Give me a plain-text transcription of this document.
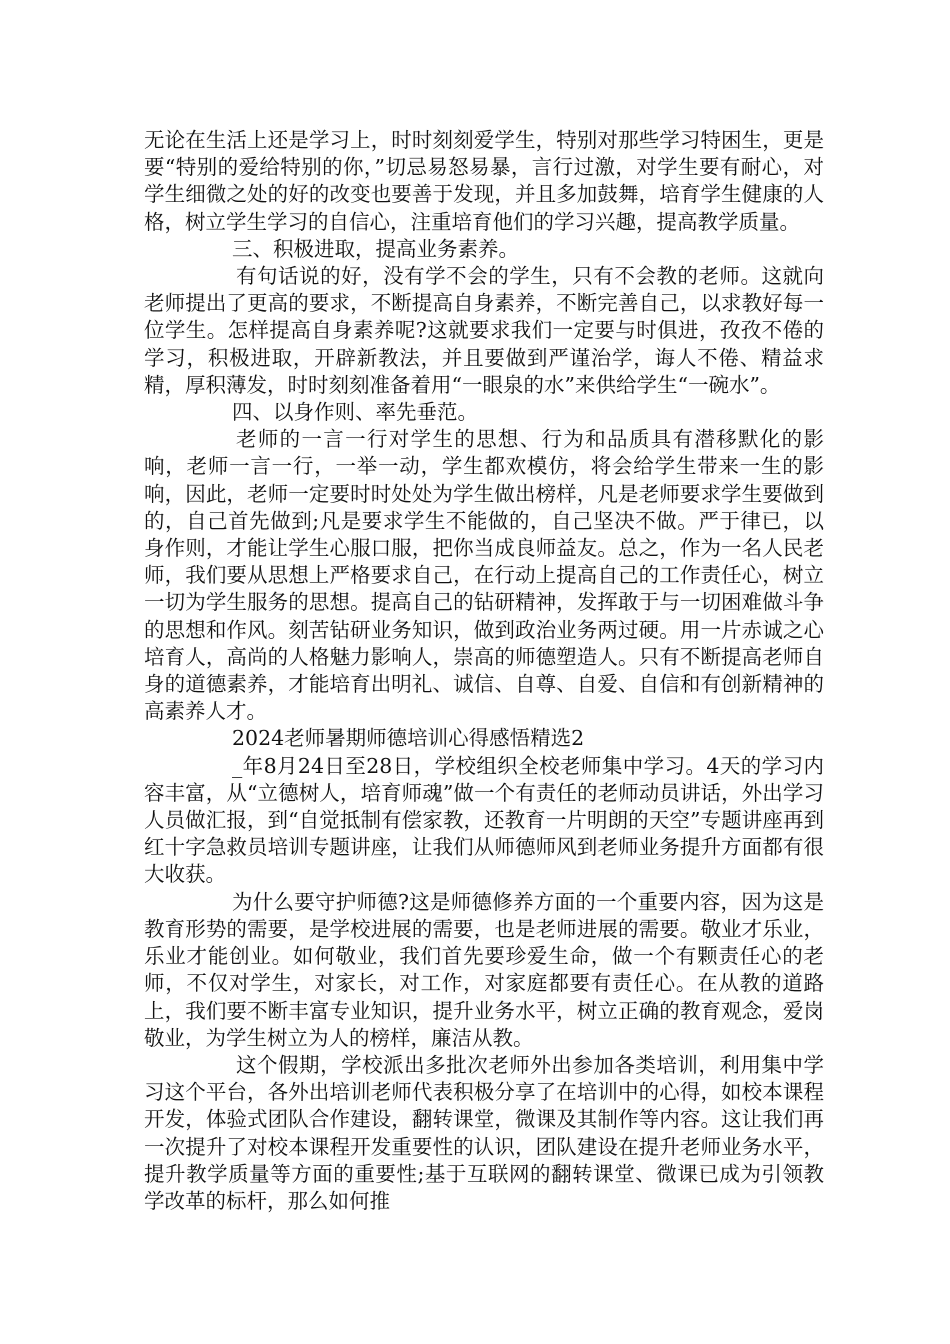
无论在生活上还是学习上，时时刻刻爱学生，特别对那些学习特困生，更是要“特别的爱给特别的你，”切忌易怒易暴，言行过激，对学生要有耐心，对学生细微之处的好的改变也要善于发现，并且多加鼓舞，培育学生健康的人格，树立学生学习的自信心，注重培育他们的学习兴趣，提高教学质量。

三、积极进取，提高业务素养。

有句话说的好，没有学不会的学生，只有不会教的老师。这就向老师提出了更高的要求，不断提高自身素养，不断完善自己，以求教好每一位学生。怎样提高自身素养呢?这就要求我们一定要与时俱进，孜孜不倦的学习，积极进取，开辟新教法，并且要做到严谨治学，诲人不倦、精益求精，厚积薄发，时时刻刻准备着用“一眼泉的水”来供给学生“一碗水”。

四、以身作则、率先垂范。

老师的一言一行对学生的思想、行为和品质具有潜移默化的影响，老师一言一行，一举一动，学生都欢模仿，将会给学生带来一生的影响，因此，老师一定要时时处处为学生做出榜样，凡是老师要求学生要做到的，自己首先做到;凡是要求学生不能做的，自己坚决不做。严于律已，以身作则，才能让学生心服口服，把你当成良师益友。总之，作为一名人民老师，我们要从思想上严格要求自己，在行动上提高自己的工作责任心，树立一切为学生服务的思想。提高自己的钻研精神，发挥敢于与一切困难做斗争的思想和作风。刻苦钻研业务知识，做到政治业务两过硬。用一片赤诚之心培育人，高尚的人格魅力影响人，崇高的师德塑造人。只有不断提高老师自身的道德素养，才能培育出明礼、诚信、自尊、自爱、自信和有创新精神的高素养人才。

2024老师暑期师德培训心得感悟精选2

_年8月24日至28日，学校组织全校老师集中学习。4天的学习内容丰富，从“立德树人，培育师魂”做一个有责任的老师动员讲话，外出学习人员做汇报，到“自觉抵制有偿家教，还教育一片明朗的天空”专题讲座再到红十字急救员培训专题讲座，让我们从师德师风到老师业务提升方面都有很大收获。

为什么要守护师德?这是师德修养方面的一个重要内容，因为这是教育形势的需要，是学校进展的需要，也是老师进展的需要。敬业才乐业，乐业才能创业。如何敬业，我们首先要珍爱生命，做一个有颗责任心的老师，不仅对学生，对家长，对工作，对家庭都要有责任心。在从教的道路上，我们要不断丰富专业知识，提升业务水平，树立正确的教育观念，爱岗敬业，为学生树立为人的榜样，廉洁从教。

这个假期，学校派出多批次老师外出参加各类培训，利用集中学习这个平台，各外出培训老师代表积极分享了在培训中的心得，如校本课程开发，体验式团队合作建设，翻转课堂，微课及其制作等内容。这让我们再一次提升了对校本课程开发重要性的认识，团队建设在提升老师业务水平，提升教学质量等方面的重要性;基于互联网的翻转课堂、微课已成为引领教学改革的标杆，那么如何推
